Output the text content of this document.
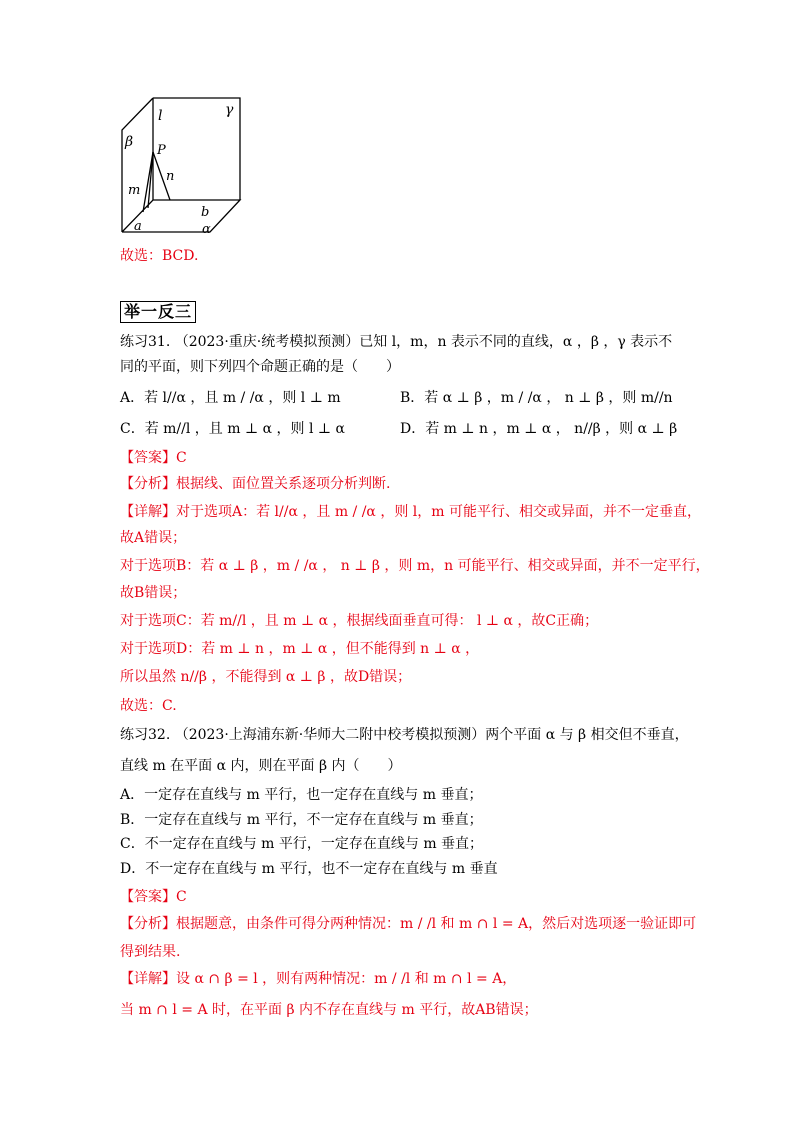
γ
l
β
P
n
m
b
a	α
故选：BCD.
举一反三
练习31. （2023·重庆·统考模拟预测）已知 l，m，n 表示不同的直线，α ，β ，γ 表示不
同的平面，则下列四个命题正确的是（　　）
A．若 l//α ，且 m / /α ，则 l ⊥ m	B．若 α ⊥ β ，m / /α ， n ⊥ β ，则 m//n
C．若 m//l ，且 m ⊥ α ，则 l ⊥ α	D．若 m ⊥ n ，m ⊥ α ， n//β ，则 α ⊥ β
【答案】C
【分析】根据线、面位置关系逐项分析判断.
【详解】对于选项A：若 l//α ，且 m / /α ，则 l，m 可能平行、相交或异面，并不一定垂直，
故A错误；
对于选项B：若 α ⊥ β ，m / /α ， n ⊥ β ，则 m，n 可能平行、相交或异面，并不一定平行，
故B错误；
对于选项C：若 m//l ，且 m ⊥ α ，根据线面垂直可得： l ⊥ α ，故C正确；
对于选项D：若 m ⊥ n ，m ⊥ α ，但不能得到 n ⊥ α ，
所以虽然 n//β ，不能得到 α ⊥ β ，故D错误；
故选：C.
练习32. （2023·上海浦东新·华师大二附中校考模拟预测）两个平面 α 与 β 相交但不垂直，
直线 m 在平面 α 内，则在平面 β 内（　　）
A．一定存在直线与 m 平行，也一定存在直线与 m 垂直；
B．一定存在直线与 m 平行，不一定存在直线与 m 垂直；
C．不一定存在直线与 m 平行，一定存在直线与 m 垂直；
D．不一定存在直线与 m 平行，也不一定存在直线与 m 垂直
【答案】C
【分析】根据题意，由条件可得分两种情况：m / /l 和 m ∩ l = A，然后对选项逐一验证即可
得到结果.
【详解】设 α ∩ β = l ，则有两种情况：m / /l 和 m ∩ l = A，
当 m ∩ l = A 时，在平面 β 内不存在直线与 m 平行，故AB错误；
